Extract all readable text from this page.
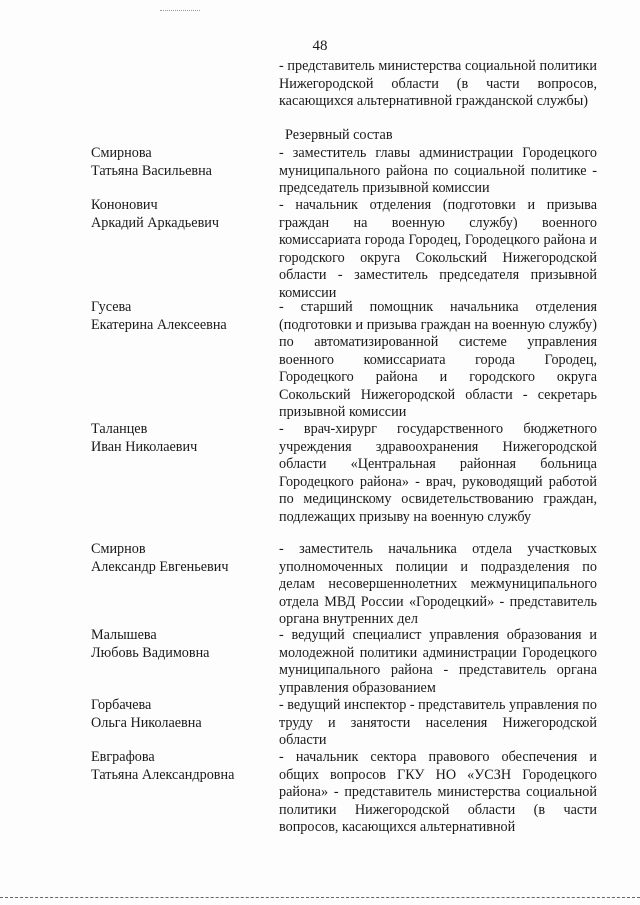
48
- представитель министерства социальной политики Нижегородской области (в части вопросов, касающихся альтернативной гражданской службы)
Резервный состав
Смирнова
Татьяна Васильевна
- заместитель главы администрации Городецкого муниципального района по социальной политике - председатель призывной комиссии
Кононович
Аркадий Аркадьевич
- начальник отделения (подготовки и призыва граждан на военную службу) военного комиссариата города Городец, Городецкого района и городского округа Сокольский Нижегородской области - заместитель председателя призывной комиссии
Гусева
Екатерина Алексеевна
- старший помощник начальника отделения (подготовки и призыва граждан на военную службу) по автоматизированной системе управления военного комиссариата города Городец, Городецкого района и городского округа Сокольский Нижегородской области - секретарь призывной комиссии
Таланцев
Иван Николаевич
- врач-хирург государственного бюджетного учреждения здравоохранения Нижегородской области «Центральная районная больница Городецкого района» - врач, руководящий работой по медицинскому освидетельствованию граждан, подлежащих призыву на военную службу
Смирнов
Александр Евгеньевич
- заместитель начальника отдела участковых уполномоченных полиции и подразделения по делам несовершеннолетних межмуниципального отдела МВД России «Городецкий» - представитель органа внутренних дел
Малышева
Любовь Вадимовна
- ведущий специалист управления образования и молодежной политики администрации Городецкого муниципального района - представитель органа управления образованием
Горбачева
Ольга Николаевна
- ведущий инспектор - представитель управления по труду и занятости населения Нижегородской области
Евграфова
Татьяна Александровна
- начальник сектора правового обеспечения и общих вопросов ГКУ НО «УСЗН Городецкого района» - представитель министерства социальной политики Нижегородской области (в части вопросов, касающихся альтернативной
